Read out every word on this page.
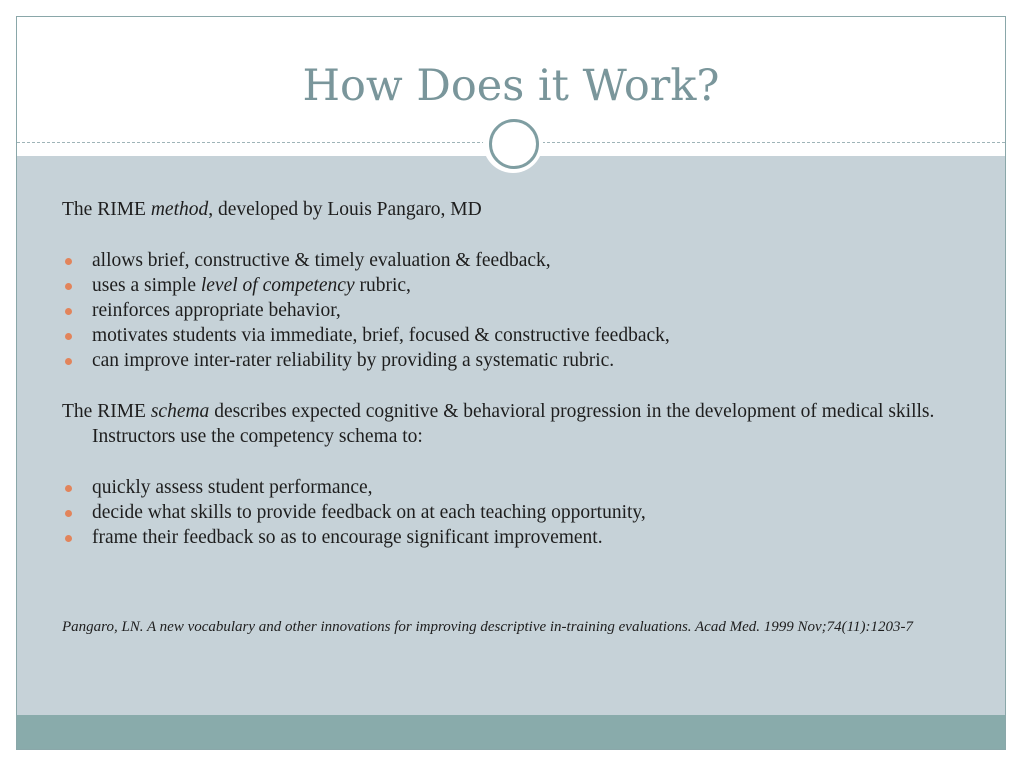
How Does it Work?

The RIME method, developed by Louis Pangaro, MD

allows brief, constructive & timely evaluation & feedback,
uses a simple level of competency rubric,
reinforces appropriate behavior,
motivates students via immediate, brief, focused & constructive feedback,
can improve inter-rater reliability by providing a systematic rubric.

The RIME schema describes expected cognitive & behavioral progression in the development of medical skills. Instructors use the competency schema to:

quickly assess student performance,
decide what skills to provide feedback on at each teaching opportunity,
frame their feedback so as to encourage significant improvement.

Pangaro, LN. A new vocabulary and other innovations for improving descriptive in-training evaluations. Acad Med. 1999 Nov;74(11):1203-7
